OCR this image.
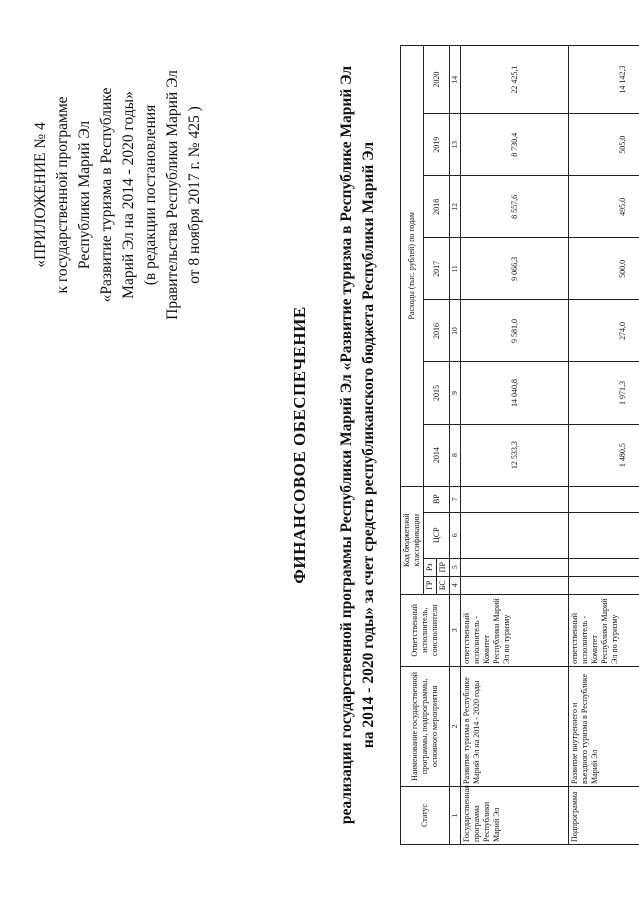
«ПРИЛОЖЕНИЕ № 4 к государственной программе Республики Марий Эл «Развитие туризма в Республике Марий Эл на 2014 - 2020 годы» (в редакции постановления Правительства Республики Марий Эл от 8 ноября 2017 г. № 425 )
ФИНАНСОВОЕ ОБЕСПЕЧЕНИЕ реализации государственной программы Республики Марий Эл «Развитие туризма в Республике Марий Эл на 2014 - 2020 годы» за счет средств республиканского бюджета Республики Марий Эл
Статус	Наименование государственной программы, подпрограммы, основного мероприятия	Ответственный исполнитель, соисполнители	Код бюджетной классификации				Расходы (тыс. рублей) по годам						
			ГР	Рз	ЦСР	ВР	2014	2015	2016	2017	2018	2019	2020
			БС	ПР									
1	2	3	4	5	6	7	8	9	10	11	12	13	14
Государственная программа Республики Марий Эл	Развитие туризма в Республике Марий Эл на 2014 - 2020 годы	ответственный исполнитель - Комитет Республики Марий Эл по туризму					12 533,3	14 040,8	9 581,0	9 066,3	8 557,6	8 730,4	22 425,1
Подпрограмма	Развитие внутреннего и въездного туризма в Республике Марий Эл	ответственный исполнитель - Комитет Республики Марий Эл по туризму					1 480,5	1 971,3	274,0	500,0	495,0	505,0	14 142,3
